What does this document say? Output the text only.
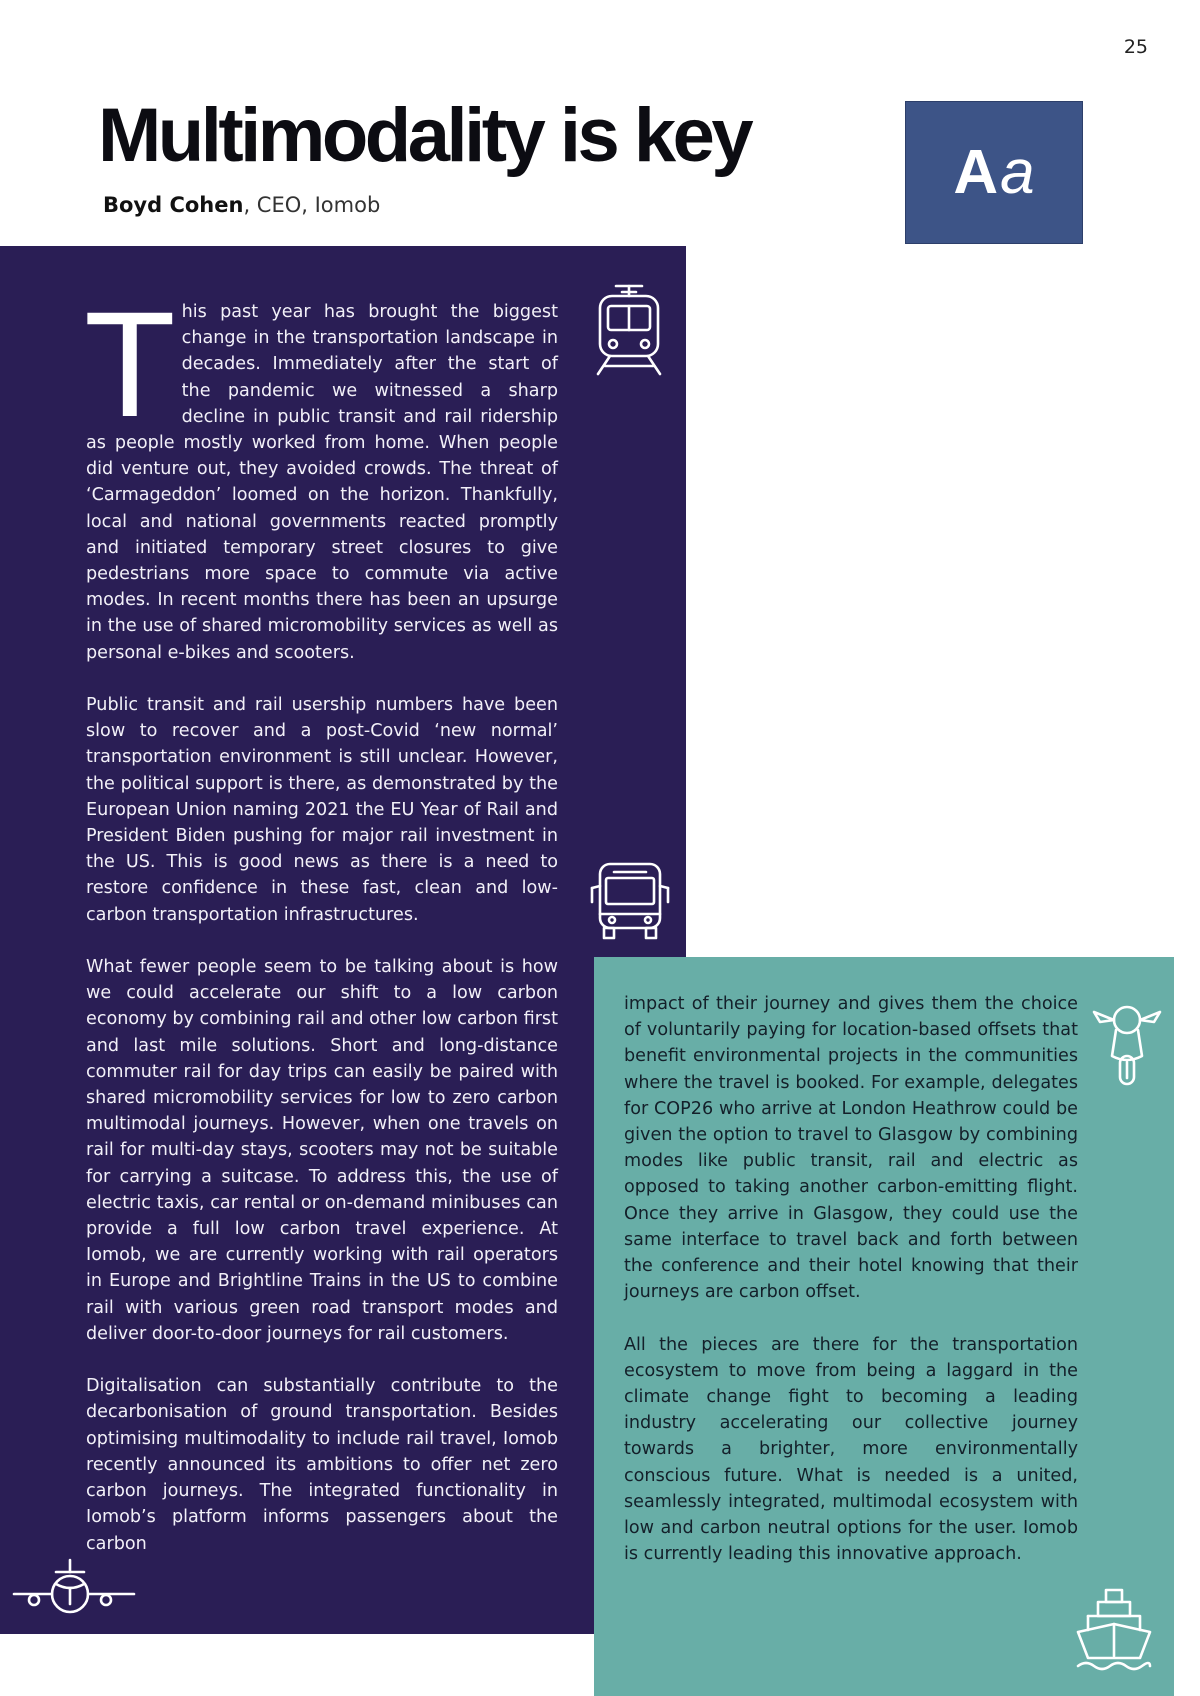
25
Multimodality is key
Boyd Cohen, CEO, Iomob	A a

This past year has brought the biggest change in the transportation landscape in decades. Immediately after the start of the pandemic we witnessed a sharp decline in public transit and rail ridership as people mostly worked from home. When people did venture out, they avoided crowds. The threat of ‘Carmageddon’ loomed on the horizon. Thankfully, local and national governments reacted promptly and initiated temporary street closures to give pedestrians more space to commute via active modes. In recent months there has been an upsurge in the use of shared micromobility services as well as personal e-bikes and scooters.

Public transit and rail usership numbers have been slow to recover and a post-Covid ‘new normal’ transportation environment is still unclear. However, the political support is there, as demonstrated by the European Union naming 2021 the EU Year of Rail and President Biden pushing for major rail investment in the US. This is good news as there is a need to restore confidence in these fast, clean and low-carbon transportation infrastructures.

What fewer people seem to be talking about is how we could accelerate our shift to a low carbon economy by combining rail and other low carbon first and last mile solutions. Short and long-distance commuter rail for day trips can easily be paired with shared micromobility services for low to zero carbon multimodal journeys. However, when one travels on rail for multi-day stays, scooters may not be suitable for carrying a suitcase. To address this, the use of electric taxis, car rental or on-demand minibuses can provide a full low carbon travel experience. At Iomob, we are currently working with rail operators in Europe and Brightline Trains in the US to combine rail with various green road transport modes and deliver door-to-door journeys for rail customers.

Digitalisation can substantially contribute to the decarbonisation of ground transportation. Besides optimising multimodality to include rail travel, Iomob recently announced its ambitions to offer net zero carbon journeys. The integrated functionality in Iomob’s platform informs passengers about the carbon

impact of their journey and gives them the choice of voluntarily paying for location-based offsets that benefit environmental projects in the communities where the travel is booked. For example, delegates for COP26 who arrive at London Heathrow could be given the option to travel to Glasgow by combining modes like public transit, rail and electric as opposed to taking another carbon-emitting flight. Once they arrive in Glasgow, they could use the same interface to travel back and forth between the conference and their hotel knowing that their journeys are carbon offset.

All the pieces are there for the transportation ecosystem to move from being a laggard in the climate change fight to becoming a leading industry accelerating our collective journey towards a brighter, more environmentally conscious future. What is needed is a united, seamlessly integrated, multimodal ecosystem with low and carbon neutral options for the user. Iomob is currently leading this innovative approach.
